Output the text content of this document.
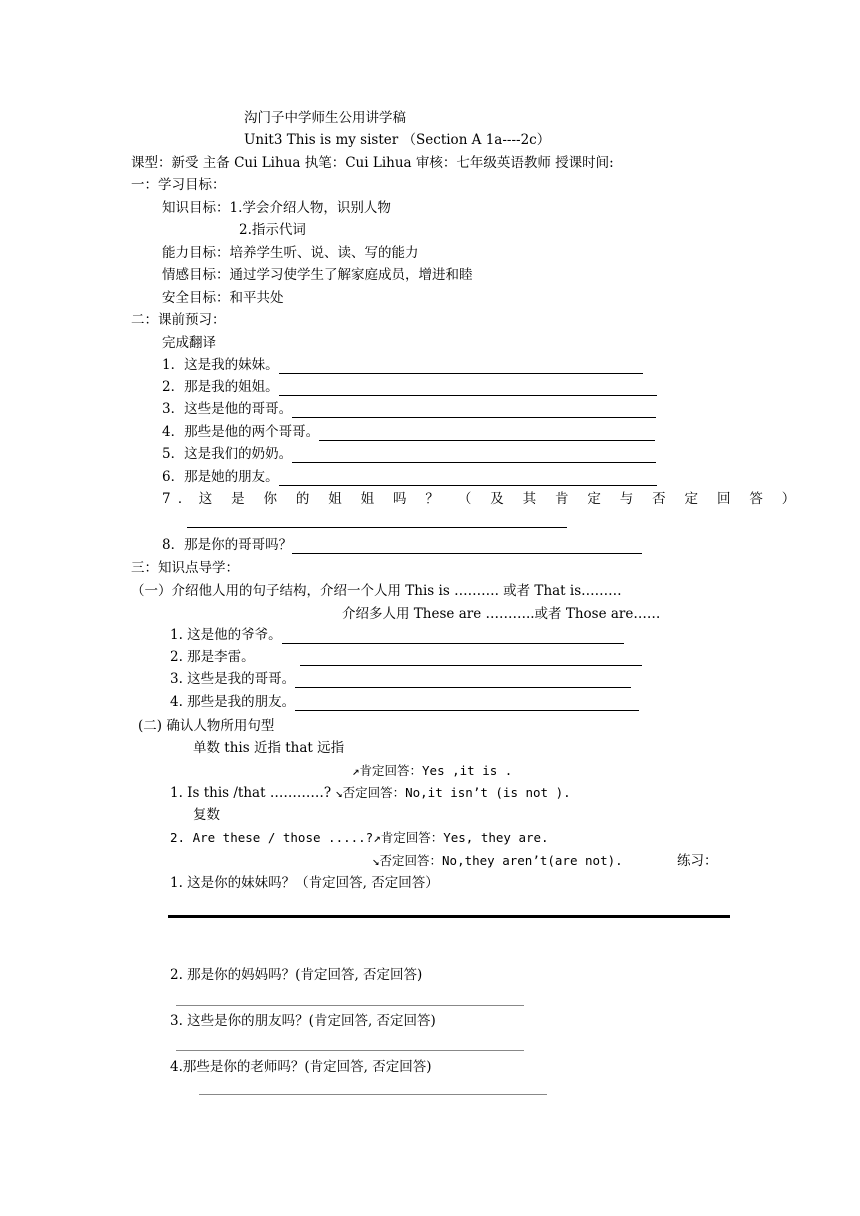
沟门子中学师生公用讲学稿
Unit3 This is my sister （Section A 1a----2c）
课型：新受 主备 Cui Lihua 执笔：Cui Lihua 审核：七年级英语教师 授课时间:
一：学习目标：
知识目标：1.学会介绍人物，识别人物
2.指示代词
能力目标：培养学生听、说、读、写的能力
情感目标：通过学习使学生了解家庭成员，增进和睦
安全目标：和平共处
二：课前预习：
完成翻译
1．这是我的妹妹。
2．那是我的姐姐。
3．这些是他的哥哥。
4．那些是他的两个哥哥。
5．这是我们的奶奶。
6．那是她的朋友。
7．这 是 你 的 姐 姐 吗 ？ （ 及 其 肯 定 与 否 定 回 答 ）
8．那是你的哥哥吗？
三：知识点导学：
（一）介绍他人用的句子结构，介绍一个人用 This is ………. 或者 That is………
介绍多人用 These are ………..或者 Those are……
1. 这是他的爷爷。
2. 那是李雷。
3. 这些是我的哥哥。
4. 那些是我的朋友。
(二) 确认人物所用句型
单数 this 近指 that 远指
↗肯定回答：Yes ,it is .
1. Is this /that …………? ↘否定回答：No,it isn’t (is not ).
复数
2. Are these / those .....?↗肯定回答：Yes, they are.
↘否定回答：No,they aren’t(are not).	练习：
1. 这是你的妹妹吗？（肯定回答, 否定回答）
2. 那是你的妈妈吗？(肯定回答, 否定回答)
3. 这些是你的朋友吗？(肯定回答, 否定回答)
4.那些是你的老师吗？(肯定回答, 否定回答)
